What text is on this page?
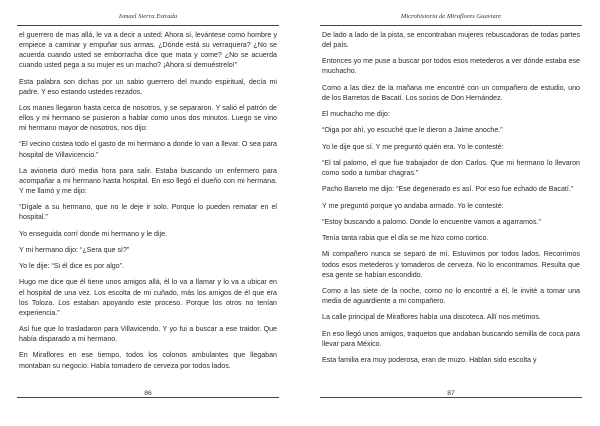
Ismael Sierra Estrada

el guerrero de mas allá, le va a decir a usted: Ahora sí, levántese como hombre y empiece a caminar y empuñar sus armas. ¿Dónde está su verraquera? ¿No se acuerda cuando usted se emborracha dice que mata y come? ¿No se acuerda cuando usted pega a su mujer es un macho? ¡Ahora sí demuéstrelo!”

Esta palabra son dichas por un sabio guerrero del mundo espiritual, decía mi padre. Y eso estando ustedes rezados.

Los manes llegaron hasta cerca de nosotros, y se separaron. Y salió el patrón de ellos y mi hermano se pusieron a hablar como unos dos minutos. Luego se vino mi hermano mayor de nosotros, nos dijo:

“El vecino costea todo el gasto de mi hermano a donde lo van a llevar. O sea para hospital de Villavicencio.”

La avioneta duró media hora para salir. Estaba buscando un enfermero para acompañar a mi hermano hasta hospital. En eso llegó el dueño con mi hermana. Y me llamó y me dijo:

“Dígale a su hermano, que no le deje ir solo. Porque lo pueden rematar en el hospital.”

Yo enseguida corrí donde mi hermano y le dije.

Y mi hermano dijo: “¿Sera que sí?”

Yo le dije: “Si él dice es por algo”.

Hugo me dice que él tiene unos amigos allá, él lo va a llamar y lo va a ubicar en el hospital de una vez. Los escolta de mi cuñado, más los amigos de él que era los Toloza. Los estaban apoyando este proceso. Porque los otros no tenían experiencia.”

Así fue que lo trasladaron para Villavicendo. Y yo fui a buscar a ese traidor. Que había disparado a mi hermano.

En Miraflores en ese tiempo, todos los colonos ambulantes que llegaban montaban su negocio. Había tomadero de cerveza por todos lados.

86
Microhistoria de Miraflores Guaviare

De lado a lado de la pista, se encontraban mujeres rebuscadoras de todas partes del país.

Entonces yo me puse a buscar por todos esos metederos a ver dónde estaba ese muchacho.

Como a las diez de la mañana me encontré con un compañero de estudio, uno de los Barretos de Bacatí. Los socios de Don Hernández.

El muchacho me dijo:

“Oiga por ahí, yo escuché que le dieron a Jaime anoche.”

Yo le dije que sí. Y me preguntó quién era. Yo le contesté:

“El tal palomo, el que fue trabajador de don Carlos. Que mi hermano lo llevaron como sodo a tumbar chagras.”

Pacho Barreto me dijo: “Ese degenerado es así. Por eso fue echado de Bacatí.”

Y me preguntó porque yo andaba armado. Yo le contesté:

“Estoy buscando a palomo. Donde lo encuentre vamos a agarramos.”

Tenía tanta rabia que el día se me hizo como cortico.

Mi compañero nunca se separó de mí. Estuvimos por todos lados. Recorrimos todos esos metederos y tomaderos de cerveza. No lo encontramos. Resulta que esa gente se habían escondido.

Como a las siete de la noche, como no lo encontré a él, le invité a tomar una media de aguardiente a mi compañero.

La calle principal de Miraflores había una discoteca. Allí nos metimos.

En eso llegó unos amigos, traquetos que andaban buscando semilla de coca para llevar para México.

Esta familia era muy poderosa, eran de muzo. Hablan sido escolta y

87
